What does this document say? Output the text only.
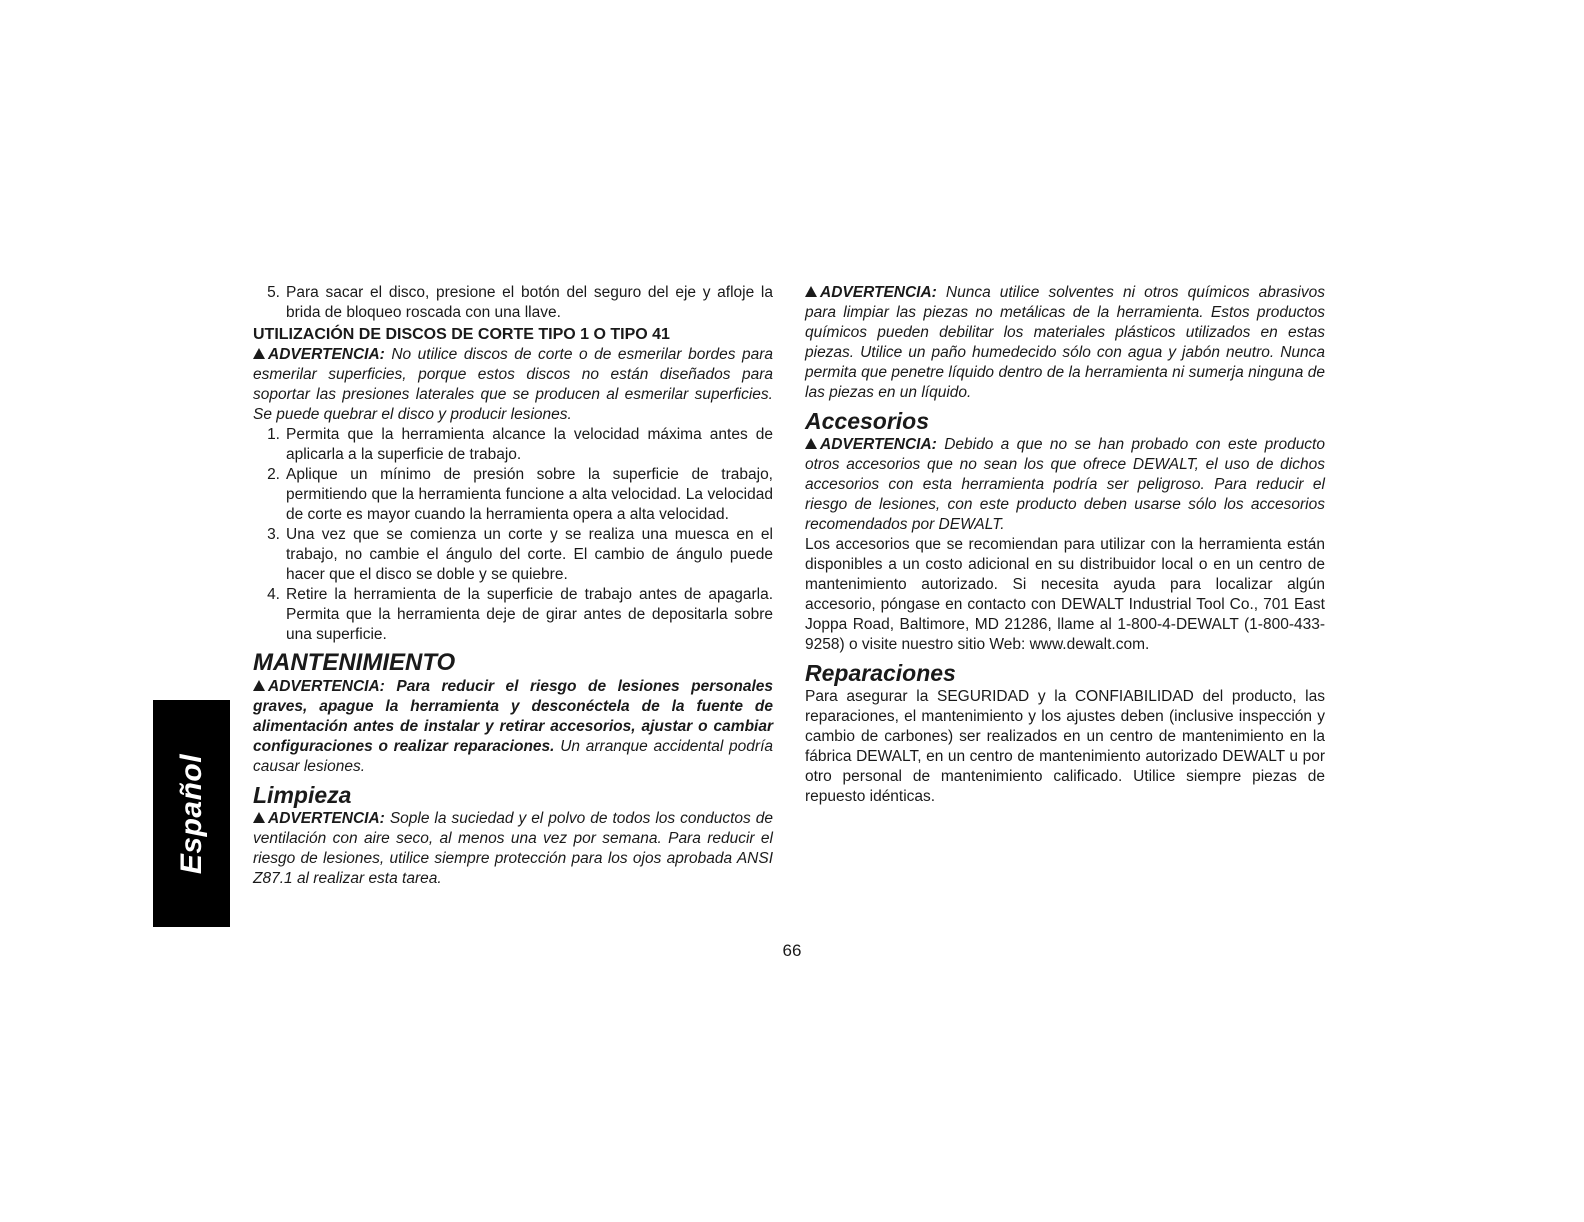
Español
5. Para sacar el disco, presione el botón del seguro del eje y afloje la brida de bloqueo roscada con una llave.

UTILIZACIÓN DE DISCOS DE CORTE TIPO 1 O TIPO 41

ADVERTENCIA: No utilice discos de corte o de esmerilar bordes para esmerilar superficies, porque estos discos no están diseñados para soportar las presiones laterales que se producen al esmerilar superficies. Se puede quebrar el disco y producir lesiones.

1. Permita que la herramienta alcance la velocidad máxima antes de aplicarla a la superficie de trabajo.
2. Aplique un mínimo de presión sobre la superficie de trabajo, permitiendo que la herramienta funcione a alta velocidad. La velocidad de corte es mayor cuando la herramienta opera a alta velocidad.
3. Una vez que se comienza un corte y se realiza una muesca en el trabajo, no cambie el ángulo del corte. El cambio de ángulo puede hacer que el disco se doble y se quiebre.
4. Retire la herramienta de la superficie de trabajo antes de apagarla. Permita que la herramienta deje de girar antes de depositarla sobre una superficie.

MANTENIMIENTO

ADVERTENCIA: Para reducir el riesgo de lesiones personales graves, apague la herramienta y desconéctela de la fuente de alimentación antes de instalar y retirar accesorios, ajustar o cambiar configuraciones o realizar reparaciones. Un arranque accidental podría causar lesiones.

Limpieza

ADVERTENCIA: Sople la suciedad y el polvo de todos los conductos de ventilación con aire seco, al menos una vez por semana. Para reducir el riesgo de lesiones, utilice siempre protección para los ojos aprobada ANSI Z87.1 al realizar esta tarea.

ADVERTENCIA: Nunca utilice solventes ni otros químicos abrasivos para limpiar las piezas no metálicas de la herramienta. Estos productos químicos pueden debilitar los materiales plásticos utilizados en estas piezas. Utilice un paño humedecido sólo con agua y jabón neutro. Nunca permita que penetre líquido dentro de la herramienta ni sumerja ninguna de las piezas en un líquido.

Accesorios

ADVERTENCIA: Debido a que no se han probado con este producto otros accesorios que no sean los que ofrece DEWALT, el uso de dichos accesorios con esta herramienta podría ser peligroso. Para reducir el riesgo de lesiones, con este producto deben usarse sólo los accesorios recomendados por DEWALT.

Los accesorios que se recomiendan para utilizar con la herramienta están disponibles a un costo adicional en su distribuidor local o en un centro de mantenimiento autorizado. Si necesita ayuda para localizar algún accesorio, póngase en contacto con DEWALT Industrial Tool Co., 701 East Joppa Road, Baltimore, MD 21286, llame al 1-800-4-DEWALT (1-800-433-9258) o visite nuestro sitio Web: www.dewalt.com.

Reparaciones

Para asegurar la SEGURIDAD y la CONFIABILIDAD del producto, las reparaciones, el mantenimiento y los ajustes deben (inclusive inspección y cambio de carbones) ser realizados en un centro de mantenimiento en la fábrica DEWALT, en un centro de mantenimiento autorizado DEWALT u por otro personal de mantenimiento calificado. Utilice siempre piezas de repuesto idénticas.

66
